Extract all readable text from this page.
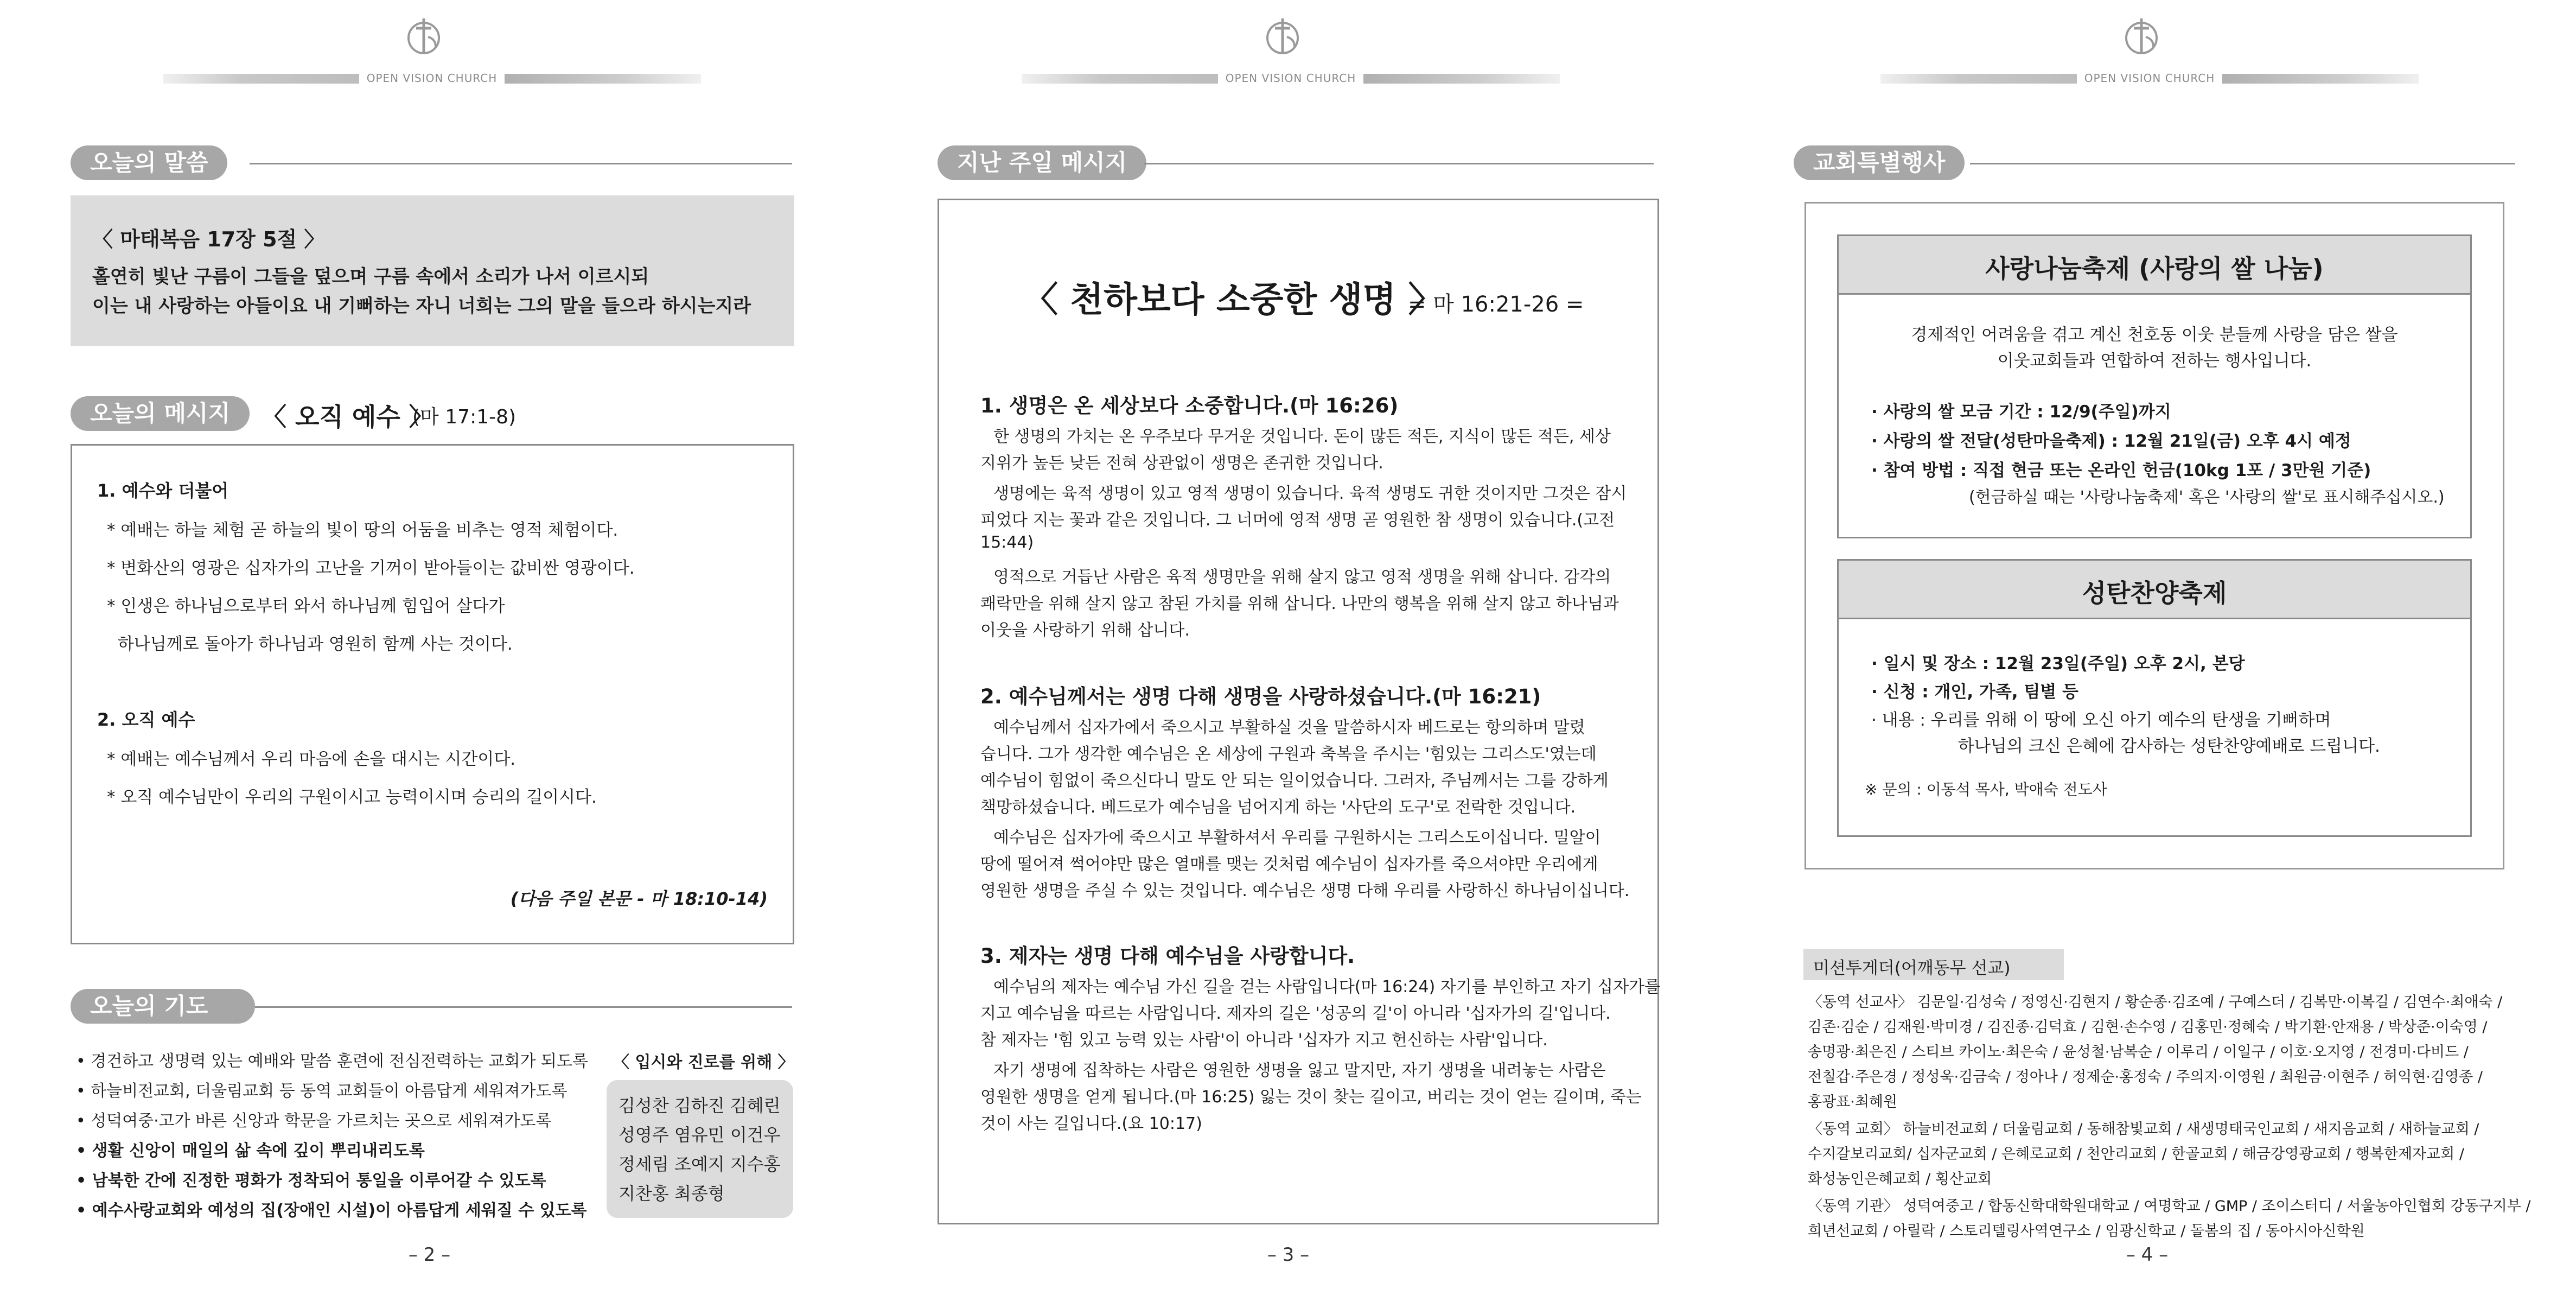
OPEN VISION CHURCH
오늘의 말씀
〈 마태복음 17장 5절 〉
홀연히 빛난 구름이 그들을 덮으며 구름 속에서 소리가 나서 이르시되
이는 내 사랑하는 아들이요 내 기뻐하는 자니 너희는 그의 말을 들으라 하시는지라
오늘의 메시지	〈 오직 예수 〉
(마 17:1-8)
1. 예수와 더불어
* 예배는 하늘 체험 곧 하늘의 빛이 땅의 어둠을 비추는 영적 체험이다.
* 변화산의 영광은 십자가의 고난을 기꺼이 받아들이는 값비싼 영광이다.
* 인생은 하나님으로부터 와서 하나님께 힘입어 살다가
하나님께로 돌아가 하나님과 영원히 함께 사는 것이다.
2. 오직 예수
* 예배는 예수님께서 우리 마음에 손을 대시는 시간이다.
* 오직 예수님만이 우리의 구원이시고 능력이시며 승리의 길이시다.
(다음 주일 본문 - 마 18:10-14)
오늘의 기도
• 경건하고 생명력 있는 예배와 말씀 훈련에 전심전력하는 교회가 되도록
• 하늘비전교회, 더울림교회 등 동역 교회들이 아름답게 세워져가도록
• 성덕여중·고가 바른 신앙과 학문을 가르치는 곳으로 세워져가도록
• 생활 신앙이 매일의 삶 속에 깊이 뿌리내리도록
• 남북한 간에 진정한 평화가 정착되어 통일을 이루어갈 수 있도록
• 예수사랑교회와 예성의 집(장애인 시설)이 아름답게 세워질 수 있도록
〈 입시와 진로를 위해 〉
김성찬 김하진 김혜린
성영주 염유민 이건우
정세림 조예지 지수홍
지찬홍 최종형
– 2 –
OPEN VISION CHURCH
지난 주일 메시지
〈 천하보다 소중한 생명 〉
= 마 16:21-26 =
1. 생명은 온 세상보다 소중합니다.(마 16:26)
한 생명의 가치는 온 우주보다 무거운 것입니다. 돈이 많든 적든, 지식이 많든 적든, 세상
지위가 높든 낮든 전혀 상관없이 생명은 존귀한 것입니다.
생명에는 육적 생명이 있고 영적 생명이 있습니다. 육적 생명도 귀한 것이지만 그것은 잠시
피었다 지는 꽃과 같은 것입니다. 그 너머에 영적 생명 곧 영원한 참 생명이 있습니다.(고전
15:44)
영적으로 거듭난 사람은 육적 생명만을 위해 살지 않고 영적 생명을 위해 삽니다. 감각의
쾌락만을 위해 살지 않고 참된 가치를 위해 삽니다. 나만의 행복을 위해 살지 않고 하나님과
이웃을 사랑하기 위해 삽니다.
2. 예수님께서는 생명 다해 생명을 사랑하셨습니다.(마 16:21)
예수님께서 십자가에서 죽으시고 부활하실 것을 말씀하시자 베드로는 항의하며 말렸
습니다. 그가 생각한 예수님은 온 세상에 구원과 축복을 주시는 '힘있는 그리스도'였는데
예수님이 힘없이 죽으신다니 말도 안 되는 일이었습니다. 그러자, 주님께서는 그를 강하게
책망하셨습니다. 베드로가 예수님을 넘어지게 하는 '사단의 도구'로 전락한 것입니다.
예수님은 십자가에 죽으시고 부활하셔서 우리를 구원하시는 그리스도이십니다. 밀알이
땅에 떨어져 썩어야만 많은 열매를 맺는 것처럼 예수님이 십자가를 죽으셔야만 우리에게
영원한 생명을 주실 수 있는 것입니다. 예수님은 생명 다해 우리를 사랑하신 하나님이십니다.
3. 제자는 생명 다해 예수님을 사랑합니다.
예수님의 제자는 예수님 가신 길을 걷는 사람입니다(마 16:24) 자기를 부인하고 자기 십자가를
지고 예수님을 따르는 사람입니다. 제자의 길은 '성공의 길'이 아니라 '십자가의 길'입니다.
참 제자는 '힘 있고 능력 있는 사람'이 아니라 '십자가 지고 헌신하는 사람'입니다.
자기 생명에 집착하는 사람은 영원한 생명을 잃고 말지만, 자기 생명을 내려놓는 사람은
영원한 생명을 얻게 됩니다.(마 16:25) 잃는 것이 찾는 길이고, 버리는 것이 얻는 길이며, 죽는
것이 사는 길입니다.(요 10:17)
– 3 –
OPEN VISION CHURCH
교회특별행사
사랑나눔축제 (사랑의 쌀 나눔)
경제적인 어려움을 겪고 계신 천호동 이웃 분들께 사랑을 담은 쌀을
이웃교회들과 연합하여 전하는 행사입니다.
· 사랑의 쌀 모금 기간 : 12/9(주일)까지
· 사랑의 쌀 전달(성탄마을축제) : 12월 21일(금) 오후 4시 예정
· 참여 방법 : 직접 현금 또는 온라인 헌금(10kg 1포 / 3만원 기준)
(헌금하실 때는 '사랑나눔축제' 혹은 '사랑의 쌀'로 표시해주십시오.)
성탄찬양축제
· 일시 및 장소 : 12월 23일(주일) 오후 2시, 본당
· 신청 : 개인, 가족, 팀별 등
· 내용 : 우리를 위해 이 땅에 오신 아기 예수의 탄생을 기뻐하며
하나님의 크신 은혜에 감사하는 성탄찬양예배로 드립니다.
※ 문의 : 이동석 목사, 박애숙 전도사
미션투게더(어깨동무 선교)
〈동역 선교사〉 김문일·김성숙 / 정영신·김현지 / 황순종·김조예 / 구예스더 / 김복만·이복길 / 김연수·최애숙 /
김존·김순 / 김재원·박미경 / 김진종·김덕효 / 김현·손수영 / 김홍민·정혜숙 / 박기환·안재용 / 박상준·이숙영 /
송명광·최은진 / 스티브 카이노·최은숙 / 윤성철·남복순 / 이루리 / 이일구 / 이호·오지영 / 전경미·다비드 /
전칠갑·주은경 / 정성욱·김금숙 / 정아나 / 정제순·홍정숙 / 주의지·이영원 / 최원금·이현주 / 허익현·김영종 /
홍광표·최혜원
〈동역 교회〉 하늘비전교회 / 더울림교회 / 동해참빛교회 / 새생명태국인교회 / 새지음교회 / 새하늘교회 /
수지갈보리교회/ 십자군교회 / 은혜로교회 / 천안리교회 / 한골교회 / 해금강영광교회 / 행복한제자교회 /
화성농인은혜교회 / 횡산교회
〈동역 기관〉 성덕여중고 / 합동신학대학원대학교 / 여명학교 / GMP / 조이스터디 / 서울농아인협회 강동구지부 /
희년선교회 / 아릴락 / 스토리텔링사역연구소 / 임광신학교 / 돌봄의 집 / 동아시아신학원
– 4 –
